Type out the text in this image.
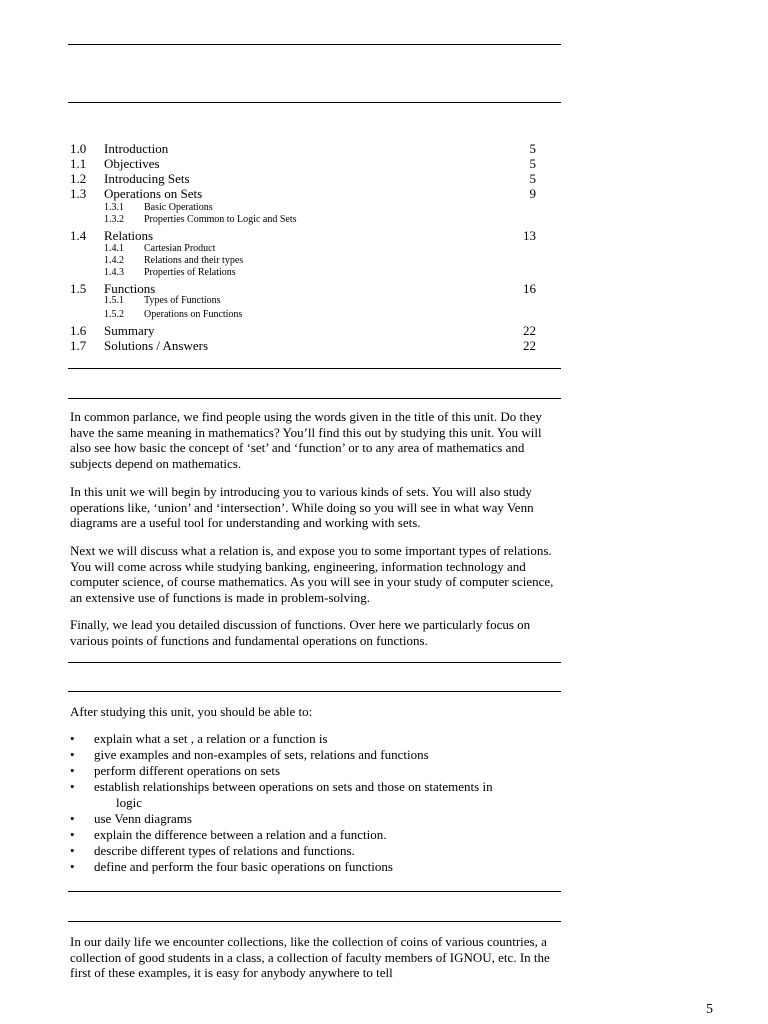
1.0 Introduction	5
1.1 Objectives	5
1.2 Introducing Sets	5
1.3 Operations on Sets	9
1.3.1 Basic Operations
1.3.2 Properties Common to Logic and Sets
1.4 Relations	13
1.4.1 Cartesian Product
1.4.2 Relations and their types
1.4.3 Properties of Relations
1.5 Functions	16
1.5.1 Types of Functions
1.5.2 Operations on Functions
1.6 Summary	22
1.7 Solutions / Answers	22

In common parlance, we find people using the words given in the title of this unit. Do they have the same meaning in mathematics? You’ll find this out by studying this unit. You will also see how basic the concept of ‘set’ and ‘function’ or to any area of mathematics and subjects depend on mathematics.

In this unit we will begin by introducing you to various kinds of sets. You will also study operations like, ‘union’ and ‘intersection’. While doing so you will see in what way Venn diagrams are a useful tool for understanding and working with sets.

Next we will discuss what a relation is, and expose you to some important types of relations. You will come across while studying banking, engineering, information technology and computer science, of course mathematics. As you will see in your study of computer science, an extensive use of functions is made in problem-solving.

Finally, we lead you detailed discussion of functions. Over here we particularly focus on various points of functions and fundamental operations on functions.

After studying this unit, you should be able to:

• explain what a set , a relation or a function is
• give examples and non-examples of sets, relations and functions
• perform different operations on sets
• establish relationships between operations on sets and those on statements in
logic
• use Venn diagrams
• explain the difference between a relation and a function.
• describe different types of relations and functions.
• define and perform the four basic operations on functions

In our daily life we encounter collections, like the collection of coins of various countries, a collection of good students in a class, a collection of faculty members of IGNOU, etc. In the first of these examples, it is easy for anybody anywhere to tell

5
